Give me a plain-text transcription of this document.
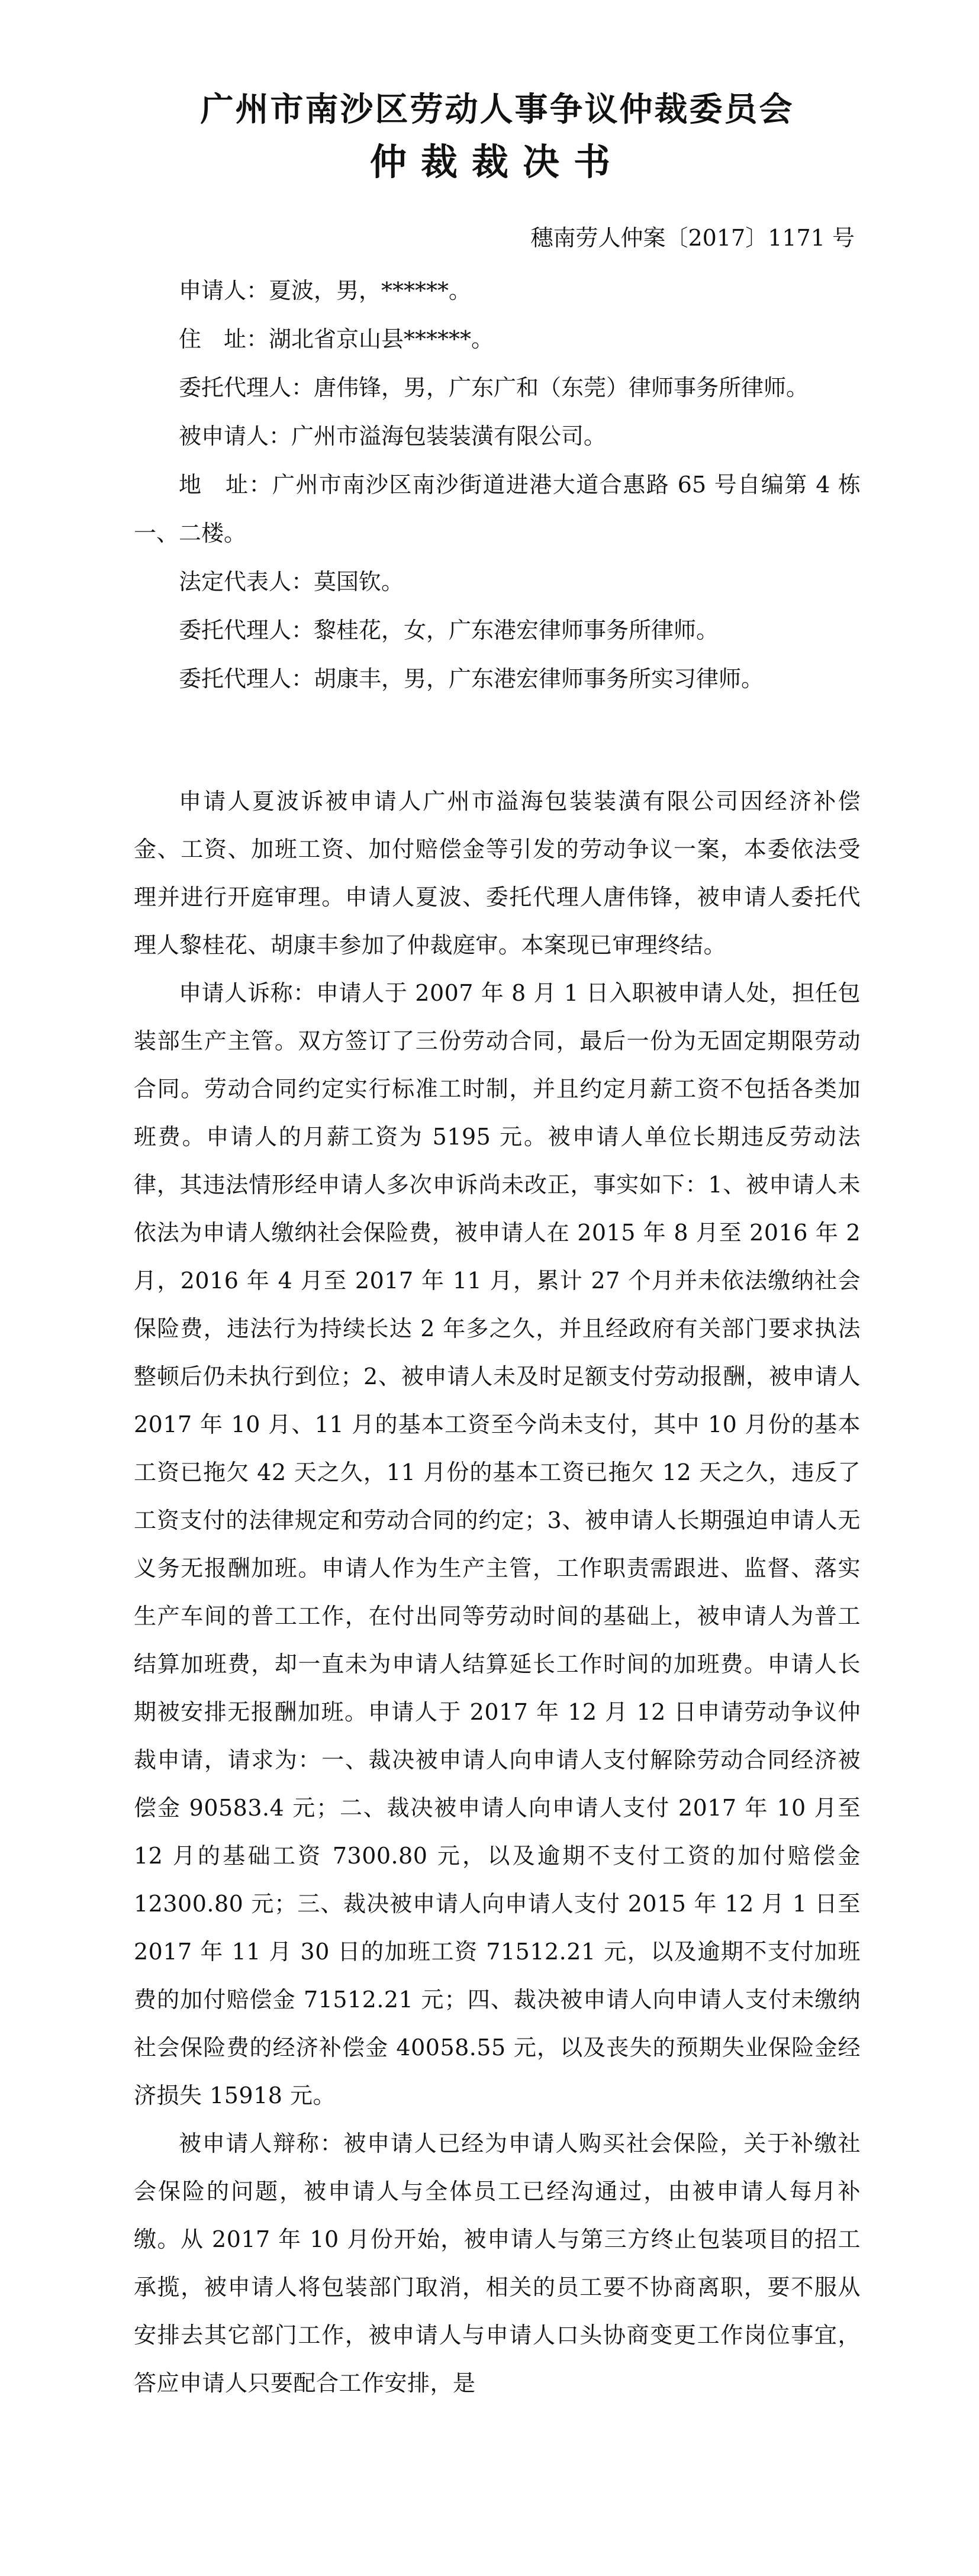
广州市南沙区劳动人事争议仲裁委员会
仲裁裁决书

穗南劳人仲案〔2017〕1171 号

申请人：夏波，男，******。

住　址：湖北省京山县******。

委托代理人：唐伟锋，男，广东广和（东莞）律师事务所律师。

被申请人：广州市溢海包装装潢有限公司。

地　址：广州市南沙区南沙街道进港大道合惠路 65 号自编第 4 栋一、二楼。

法定代表人：莫国钦。

委托代理人：黎桂花，女，广东港宏律师事务所律师。

委托代理人：胡康丰，男，广东港宏律师事务所实习律师。

申请人夏波诉被申请人广州市溢海包装装潢有限公司因经济补偿金、工资、加班工资、加付赔偿金等引发的劳动争议一案，本委依法受理并进行开庭审理。申请人夏波、委托代理人唐伟锋，被申请人委托代理人黎桂花、胡康丰参加了仲裁庭审。本案现已审理终结。

申请人诉称：申请人于 2007 年 8 月 1 日入职被申请人处，担任包装部生产主管。双方签订了三份劳动合同，最后一份为无固定期限劳动合同。劳动合同约定实行标准工时制，并且约定月薪工资不包括各类加班费。申请人的月薪工资为 5195 元。被申请人单位长期违反劳动法律，其违法情形经申请人多次申诉尚未改正，事实如下：1、被申请人未依法为申请人缴纳社会保险费，被申请人在 2015 年 8 月至 2016 年 2 月，2016 年 4 月至 2017 年 11 月，累计 27 个月并未依法缴纳社会保险费，违法行为持续长达 2 年多之久，并且经政府有关部门要求执法整顿后仍未执行到位；2、被申请人未及时足额支付劳动报酬，被申请人 2017 年 10 月、11 月的基本工资至今尚未支付，其中 10 月份的基本工资已拖欠 42 天之久，11 月份的基本工资已拖欠 12 天之久，违反了工资支付的法律规定和劳动合同的约定；3、被申请人长期强迫申请人无义务无报酬加班。申请人作为生产主管，工作职责需跟进、监督、落实生产车间的普工工作，在付出同等劳动时间的基础上，被申请人为普工结算加班费，却一直未为申请人结算延长工作时间的加班费。申请人长期被安排无报酬加班。申请人于 2017 年 12 月 12 日申请劳动争议仲裁申请，请求为：一、裁决被申请人向申请人支付解除劳动合同经济被偿金 90583.4 元；二、裁决被申请人向申请人支付 2017 年 10 月至 12 月的基础工资 7300.80 元，以及逾期不支付工资的加付赔偿金 12300.80 元；三、裁决被申请人向申请人支付 2015 年 12 月 1 日至 2017 年 11 月 30 日的加班工资 71512.21 元，以及逾期不支付加班费的加付赔偿金 71512.21 元；四、裁决被申请人向申请人支付未缴纳社会保险费的经济补偿金 40058.55 元，以及丧失的预期失业保险金经济损失 15918 元。

被申请人辩称：被申请人已经为申请人购买社会保险，关于补缴社会保险的问题，被申请人与全体员工已经沟通过，由被申请人每月补缴。从 2017 年 10 月份开始，被申请人与第三方终止包装项目的招工承揽，被申请人将包装部门取消，相关的员工要不协商离职，要不服从安排去其它部门工作，被申请人与申请人口头协商变更工作岗位事宜，答应申请人只要配合工作安排，是
